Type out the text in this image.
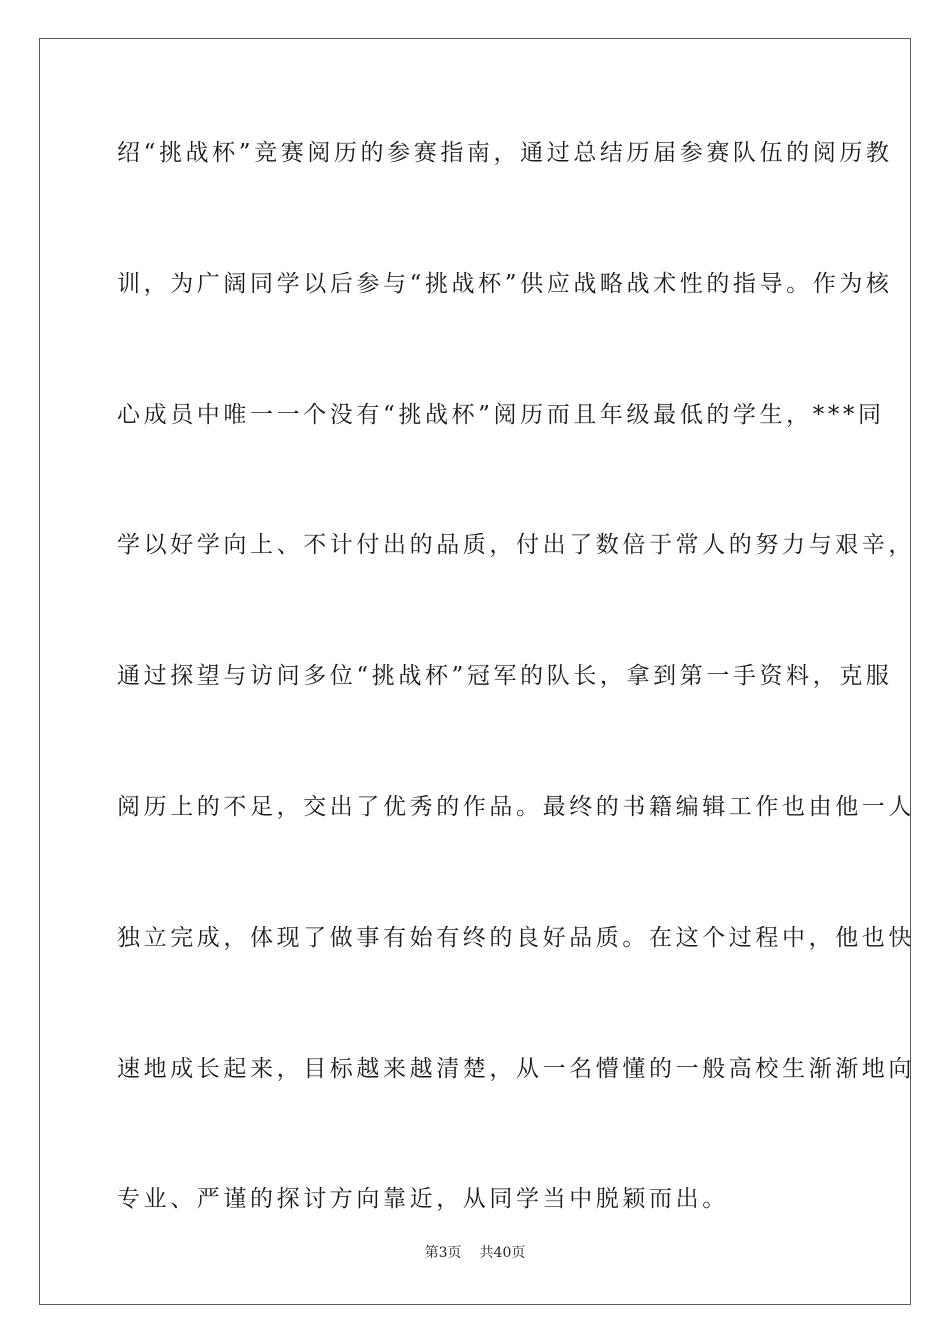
绍“挑战杯”竞赛阅历的参赛指南，通过总结历届参赛队伍的阅历教
训，为广阔同学以后参与“挑战杯”供应战略战术性的指导。作为核
心成员中唯一一个没有“挑战杯”阅历而且年级最低的学生，***同
学以好学向上、不计付出的品质，付出了数倍于常人的努力与艰辛，
通过探望与访问多位“挑战杯”冠军的队长，拿到第一手资料，克服
阅历上的不足，交出了优秀的作品。最终的书籍编辑工作也由他一人
独立完成，体现了做事有始有终的良好品质。在这个过程中，他也快
速地成长起来，目标越来越清楚，从一名懵懂的一般高校生渐渐地向
专业、严谨的探讨方向靠近，从同学当中脱颖而出。
第3页 共40页
